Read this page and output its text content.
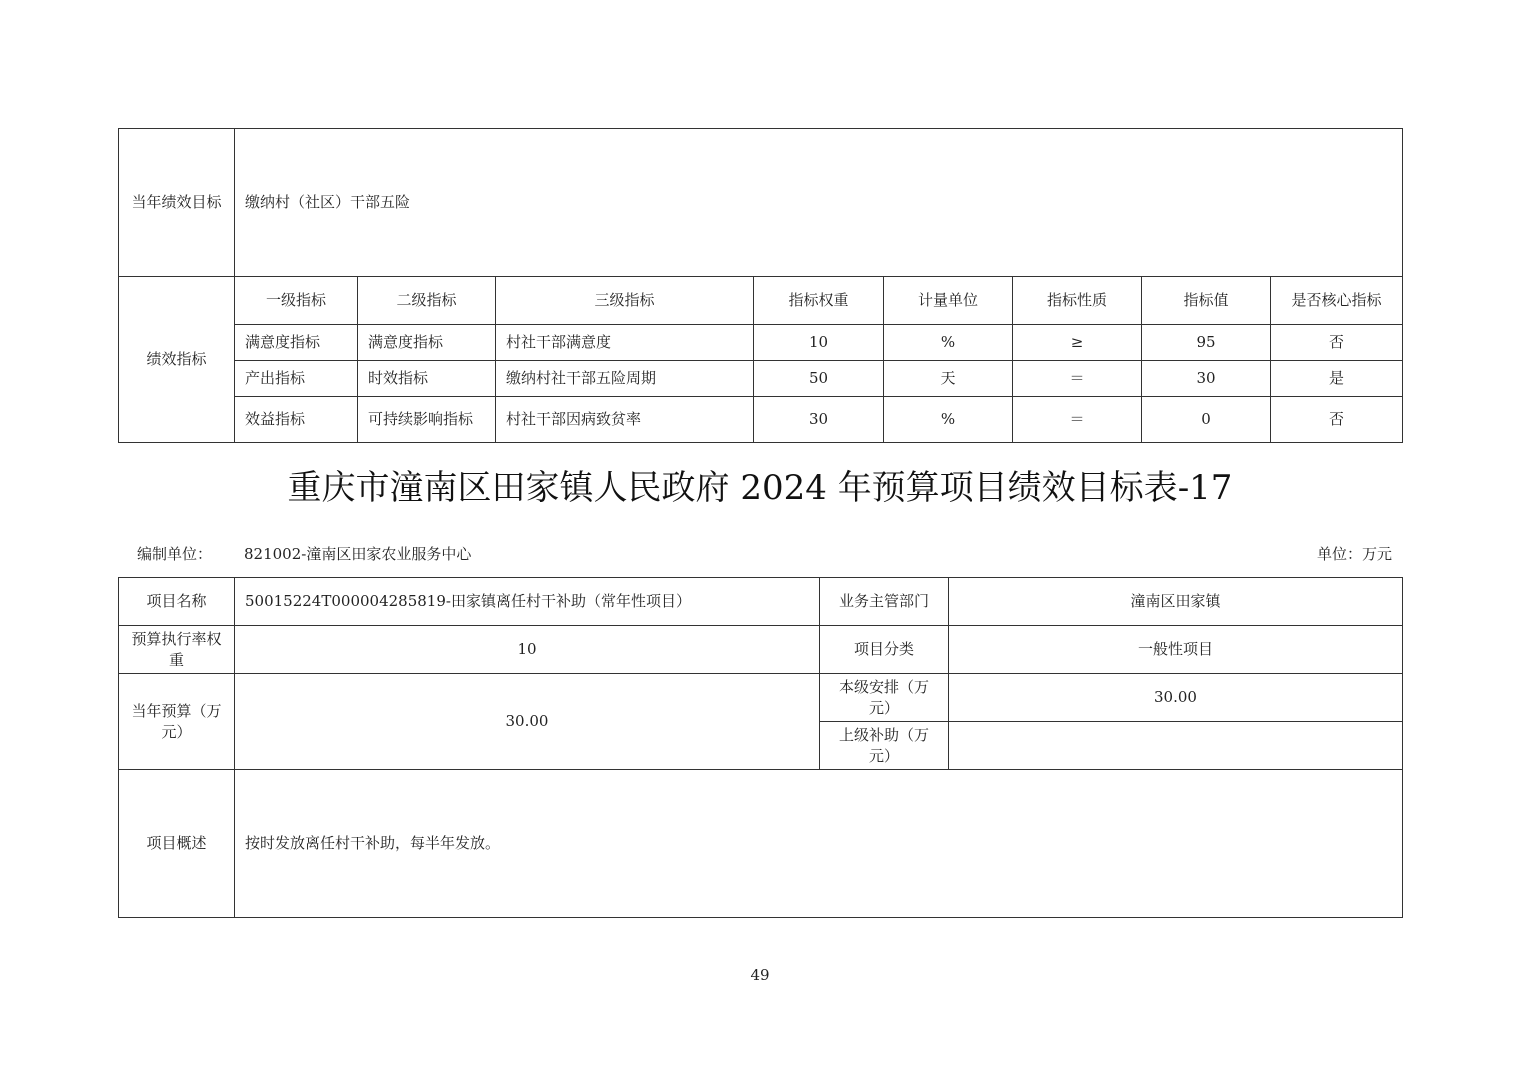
当年绩效目标	缴纳村（社区）干部五险							
绩效指标	一级指标	二级指标	三级指标	指标权重	计量单位	指标性质	指标值	是否核心指标
	满意度指标	满意度指标	村社干部满意度	10	%	≥	95	否
	产出指标	时效指标	缴纳村社干部五险周期	50	天	＝	30	是
	效益指标	可持续影响指标	村社干部因病致贫率	30	%	＝	0	否
重庆市潼南区田家镇人民政府 2024 年预算项目绩效目标表-17
编制单位： 821002-潼南区田家农业服务中心	单位：万元
项目名称	50015224T000004285819-田家镇离任村干补助（常年性项目）	业务主管部门	潼南区田家镇
预算执行率权重	10	项目分类	一般性项目
当年预算（万元）	30.00	本级安排（万元）	30.00
		上级补助（万元）	
项目概述	按时发放离任村干补助，每半年发放。		
49
